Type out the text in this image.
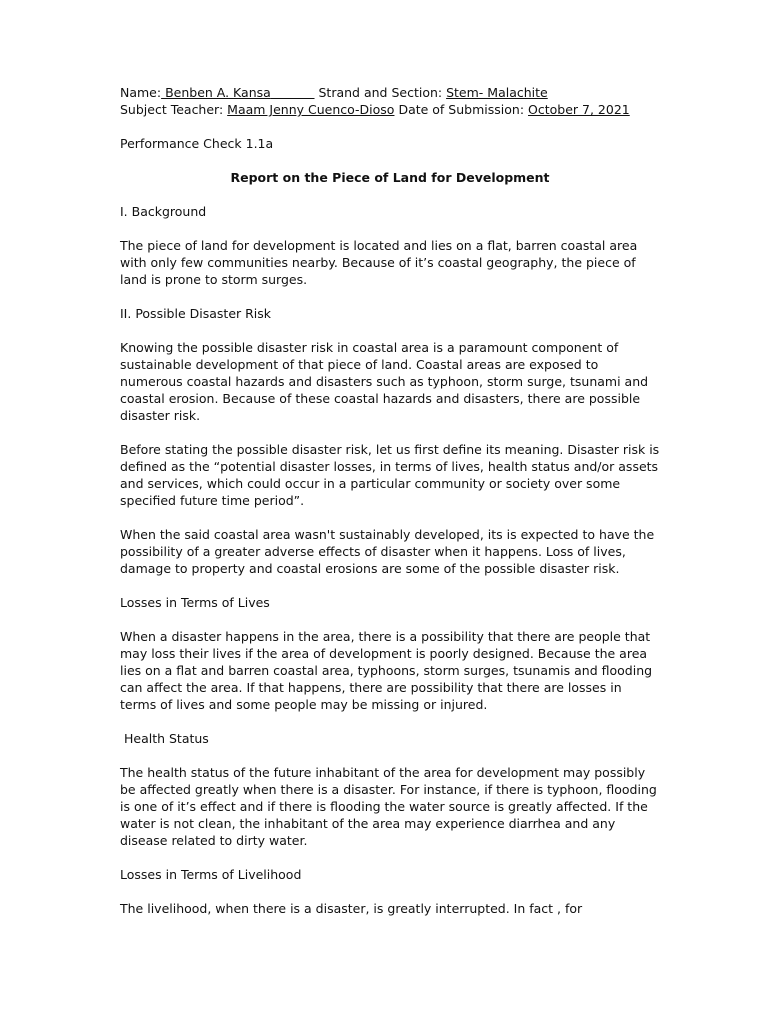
Name: Benben A. Kansa	Strand and Section: Stem- Malachite

Subject Teacher: Maam Jenny Cuenco-Dioso Date of Submission: October 7, 2021

Performance Check 1.1a

Report on the Piece of Land for Development

I. Background

The piece of land for development is located and lies on a flat, barren coastal area with only few communities nearby. Because of it’s coastal geography, the piece of land is prone to storm surges.

II. Possible Disaster Risk

Knowing the possible disaster risk in coastal area is a paramount component of sustainable development of that piece of land. Coastal areas are exposed to numerous coastal hazards and disasters such as typhoon, storm surge, tsunami and coastal erosion. Because of these coastal hazards and disasters, there are possible disaster risk.

Before stating the possible disaster risk, let us first define its meaning. Disaster risk is defined as the “potential disaster losses, in terms of lives, health status and/or assets and services, which could occur in a particular community or society over some specified future time period”.

When the said coastal area wasn't sustainably developed, its is expected to have the possibility of a greater adverse effects of disaster when it happens. Loss of lives, damage to property and coastal erosions are some of the possible disaster risk.

Losses in Terms of Lives

When a disaster happens in the area, there is a possibility that there are people that may loss their lives if the area of development is poorly designed. Because the area lies on a flat and barren coastal area, typhoons, storm surges, tsunamis and flooding can affect the area. If that happens, there are possibility that there are losses in terms of lives and some people may be missing or injured.

Health Status

The health status of the future inhabitant of the area for development may possibly be affected greatly when there is a disaster. For instance, if there is typhoon, flooding is one of it’s effect and if there is flooding the water source is greatly affected. If the water is not clean, the inhabitant of the area may experience diarrhea and any disease related to dirty water.

Losses in Terms of Livelihood

The livelihood, when there is a disaster, is greatly interrupted. In fact , for
